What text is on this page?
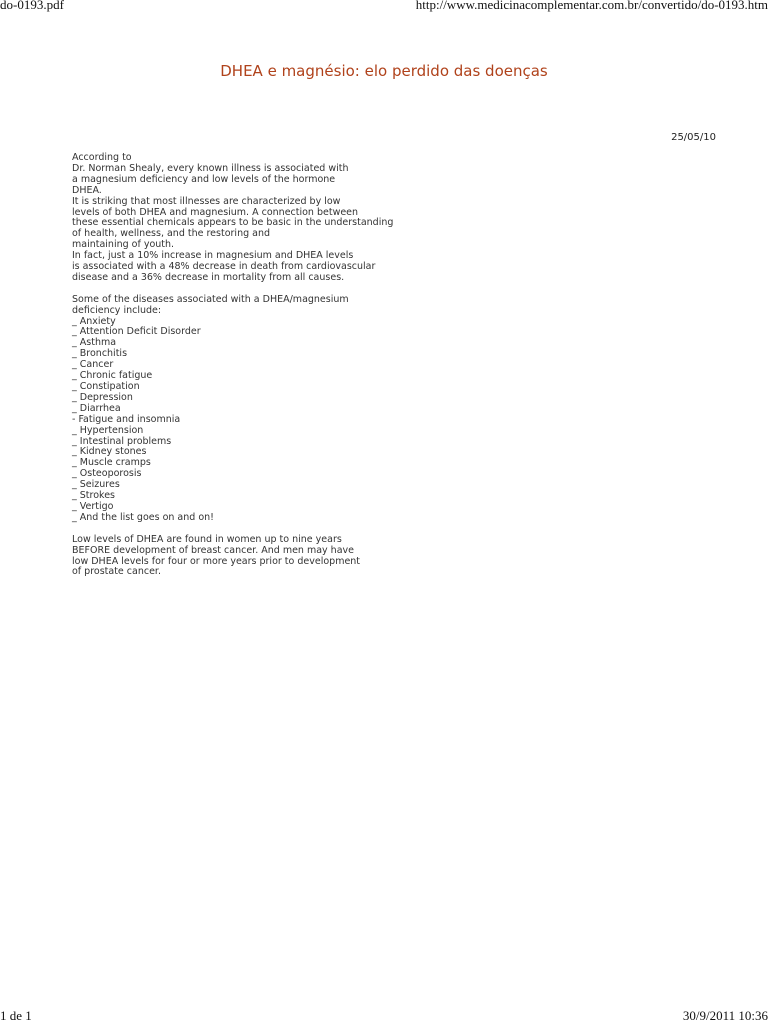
do-0193.pdf	http://www.medicinacomplementar.com.br/convertido/do-0193.htm
DHEA e magnésio: elo perdido das doenças
25/05/10
According to
Dr. Norman Shealy, every known illness is associated with
a magnesium deficiency and low levels of the hormone
DHEA.
It is striking that most illnesses are characterized by low
levels of both DHEA and magnesium. A connection between
these essential chemicals appears to be basic in the understanding
of health, wellness, and the restoring and
maintaining of youth.
In fact, just a 10% increase in magnesium and DHEA levels
is associated with a 48% decrease in death from cardiovascular
disease and a 36% decrease in mortality from all causes.
Some of the diseases associated with a DHEA/magnesium
deficiency include:
_ Anxiety
_ Attention Deficit Disorder
_ Asthma
_ Bronchitis
_ Cancer
_ Chronic fatigue
_ Constipation
_ Depression
_ Diarrhea
- Fatigue and insomnia
_ Hypertension
_ Intestinal problems
_ Kidney stones
_ Muscle cramps
_ Osteoporosis
_ Seizures
_ Strokes
_ Vertigo
_ And the list goes on and on!
Low levels of DHEA are found in women up to nine years
BEFORE development of breast cancer. And men may have
low DHEA levels for four or more years prior to development
of prostate cancer.
1 de 1	30/9/2011 10:36
